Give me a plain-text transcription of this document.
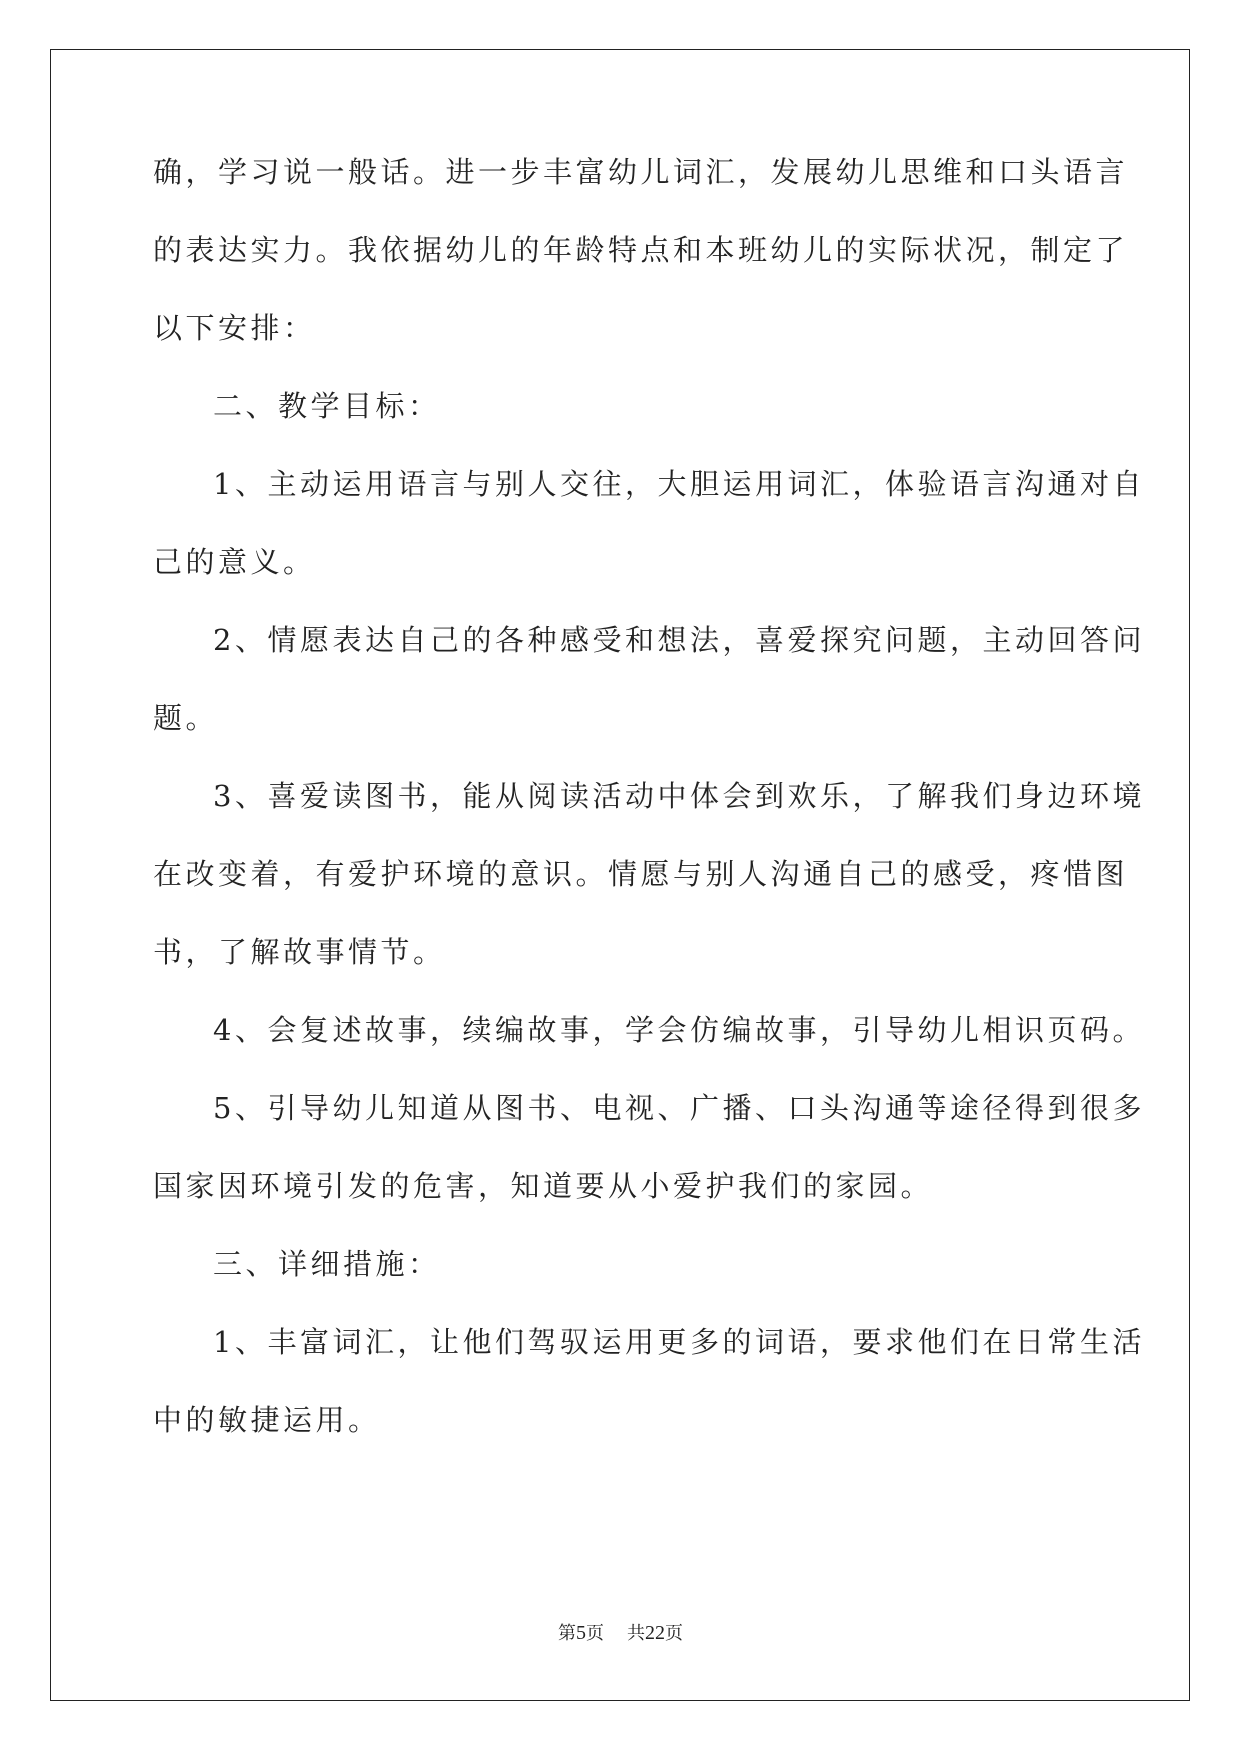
确，学习说一般话。进一步丰富幼儿词汇，发展幼儿思维和口头语言
的表达实力。我依据幼儿的年龄特点和本班幼儿的实际状况，制定了
以下安排：
二、教学目标：
1、主动运用语言与别人交往，大胆运用词汇，体验语言沟通对自
己的意义。
2、情愿表达自己的各种感受和想法，喜爱探究问题，主动回答问
题。
3、喜爱读图书，能从阅读活动中体会到欢乐，了解我们身边环境
在改变着，有爱护环境的意识。情愿与别人沟通自己的感受，疼惜图
书，了解故事情节。
4、会复述故事，续编故事，学会仿编故事，引导幼儿相识页码。
5、引导幼儿知道从图书、电视、广播、口头沟通等途径得到很多
国家因环境引发的危害，知道要从小爱护我们的家园。
三、详细措施：
1、丰富词汇，让他们驾驭运用更多的词语，要求他们在日常生活
中的敏捷运用。
第5页 共22页
